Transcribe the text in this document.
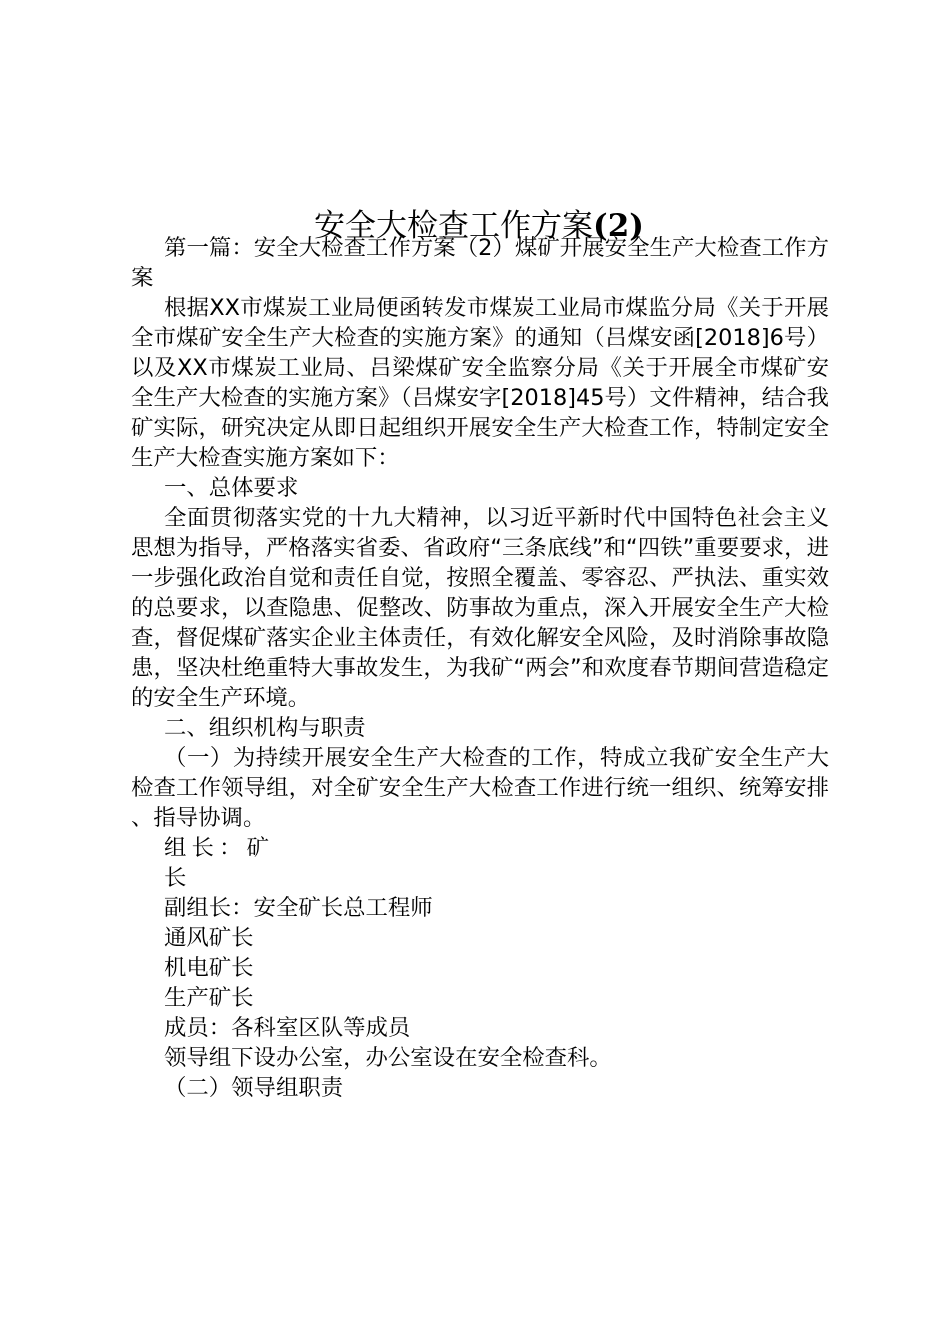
安全大检查工作方案(2)

第一篇：安全大检查工作方案（2）煤矿开展安全生产大检查工作方案

根据XX市煤炭工业局便函转发市煤炭工业局市煤监分局《关于开展全市煤矿安全生产大检查的实施方案》的通知（吕煤安函[2018]6号）以及XX市煤炭工业局、吕梁煤矿安全监察分局《关于开展全市煤矿安全生产大检查的实施方案》（吕煤安字[2018]45号）文件精神，结合我矿实际，研究决定从即日起组织开展安全生产大检查工作，特制定安全生产大检查实施方案如下：

一、总体要求

全面贯彻落实党的十九大精神，以习近平新时代中国特色社会主义思想为指导，严格落实省委、省政府“三条底线”和“四铁”重要要求，进一步强化政治自觉和责任自觉，按照全覆盖、零容忍、严执法、重实效的总要求，以查隐患、促整改、防事故为重点，深入开展安全生产大检查，督促煤矿落实企业主体责任，有效化解安全风险，及时消除事故隐患，坚决杜绝重特大事故发生，为我矿“两会”和欢度春节期间营造稳定的安全生产环境。

二、组织机构与职责

（一）为持续开展安全生产大检查的工作，特成立我矿安全生产大检查工作领导组，对全矿安全生产大检查工作进行统一组织、统筹安排、指导协调。

组长：矿长

副组长：安全矿长总工程师

通风矿长

机电矿长

生产矿长

成员：各科室区队等成员

领导组下设办公室，办公室设在安全检查科。

（二）领导组职责
